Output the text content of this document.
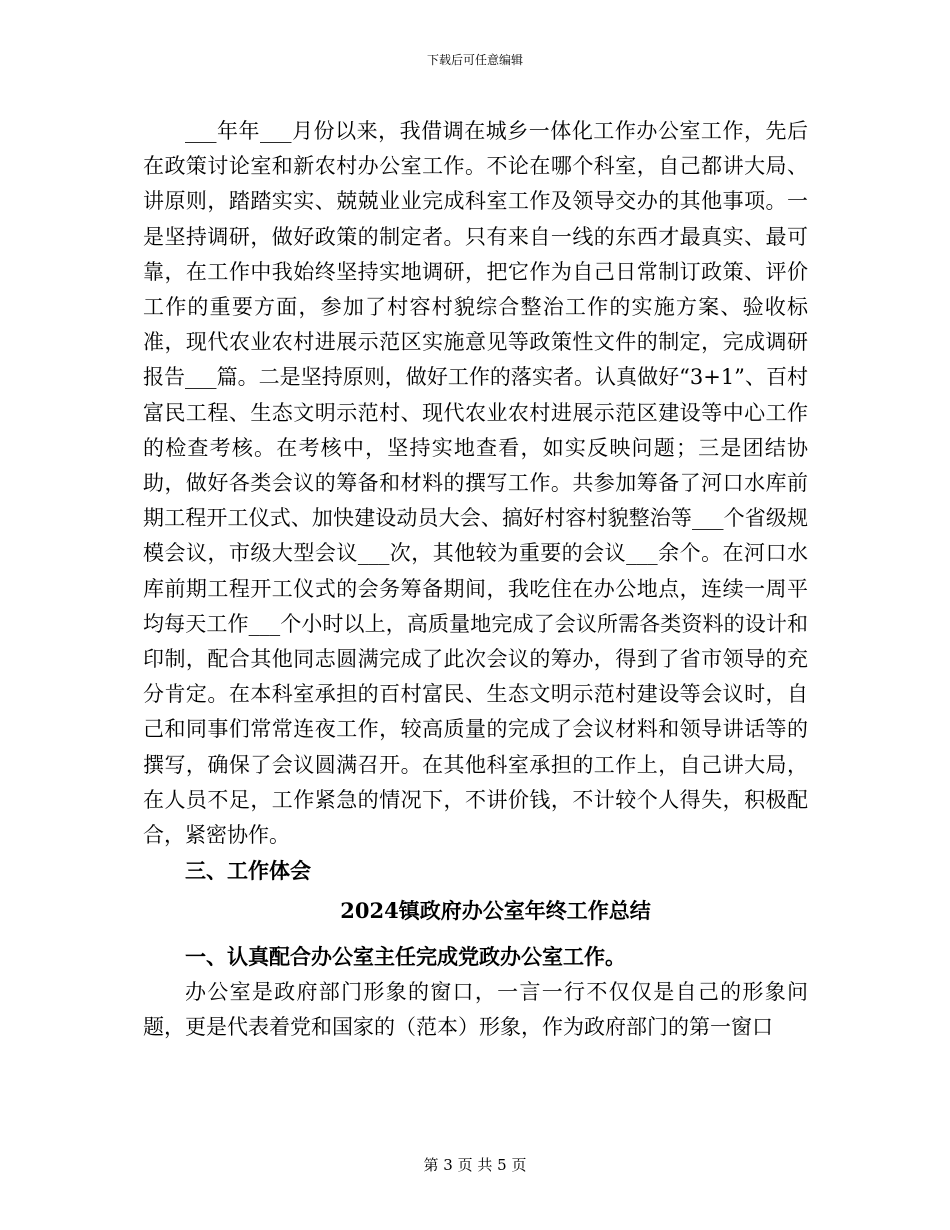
下载后可任意编辑

___年年___月份以来，我借调在城乡一体化工作办公室工作，先后在政策讨论室和新农村办公室工作。不论在哪个科室，自己都讲大局、讲原则，踏踏实实、兢兢业业完成科室工作及领导交办的其他事项。一是坚持调研，做好政策的制定者。只有来自一线的东西才最真实、最可靠，在工作中我始终坚持实地调研，把它作为自己日常制订政策、评价工作的重要方面，参加了村容村貌综合整治工作的实施方案、验收标准，现代农业农村进展示范区实施意见等政策性文件的制定，完成调研报告___篇。二是坚持原则，做好工作的落实者。认真做好“3+1”、百村富民工程、生态文明示范村、现代农业农村进展示范区建设等中心工作的检查考核。在考核中，坚持实地查看，如实反映问题；三是团结协助，做好各类会议的筹备和材料的撰写工作。共参加筹备了河口水库前期工程开工仪式、加快建设动员大会、搞好村容村貌整治等___个省级规模会议，市级大型会议___次，其他较为重要的会议___余个。在河口水库前期工程开工仪式的会务筹备期间，我吃住在办公地点，连续一周平均每天工作___个小时以上，高质量地完成了会议所需各类资料的设计和印制，配合其他同志圆满完成了此次会议的筹办，得到了省市领导的充分肯定。在本科室承担的百村富民、生态文明示范村建设等会议时，自己和同事们常常连夜工作，较高质量的完成了会议材料和领导讲话等的撰写，确保了会议圆满召开。在其他科室承担的工作上，自己讲大局，在人员不足，工作紧急的情况下，不讲价钱，不计较个人得失，积极配合，紧密协作。

三、工作体会

2024镇政府办公室年终工作总结

一、认真配合办公室主任完成党政办公室工作。

办公室是政府部门形象的窗口，一言一行不仅仅是自己的形象问题，更是代表着党和国家的（范本）形象，作为政府部门的第一窗口

第 3 页 共 5 页
